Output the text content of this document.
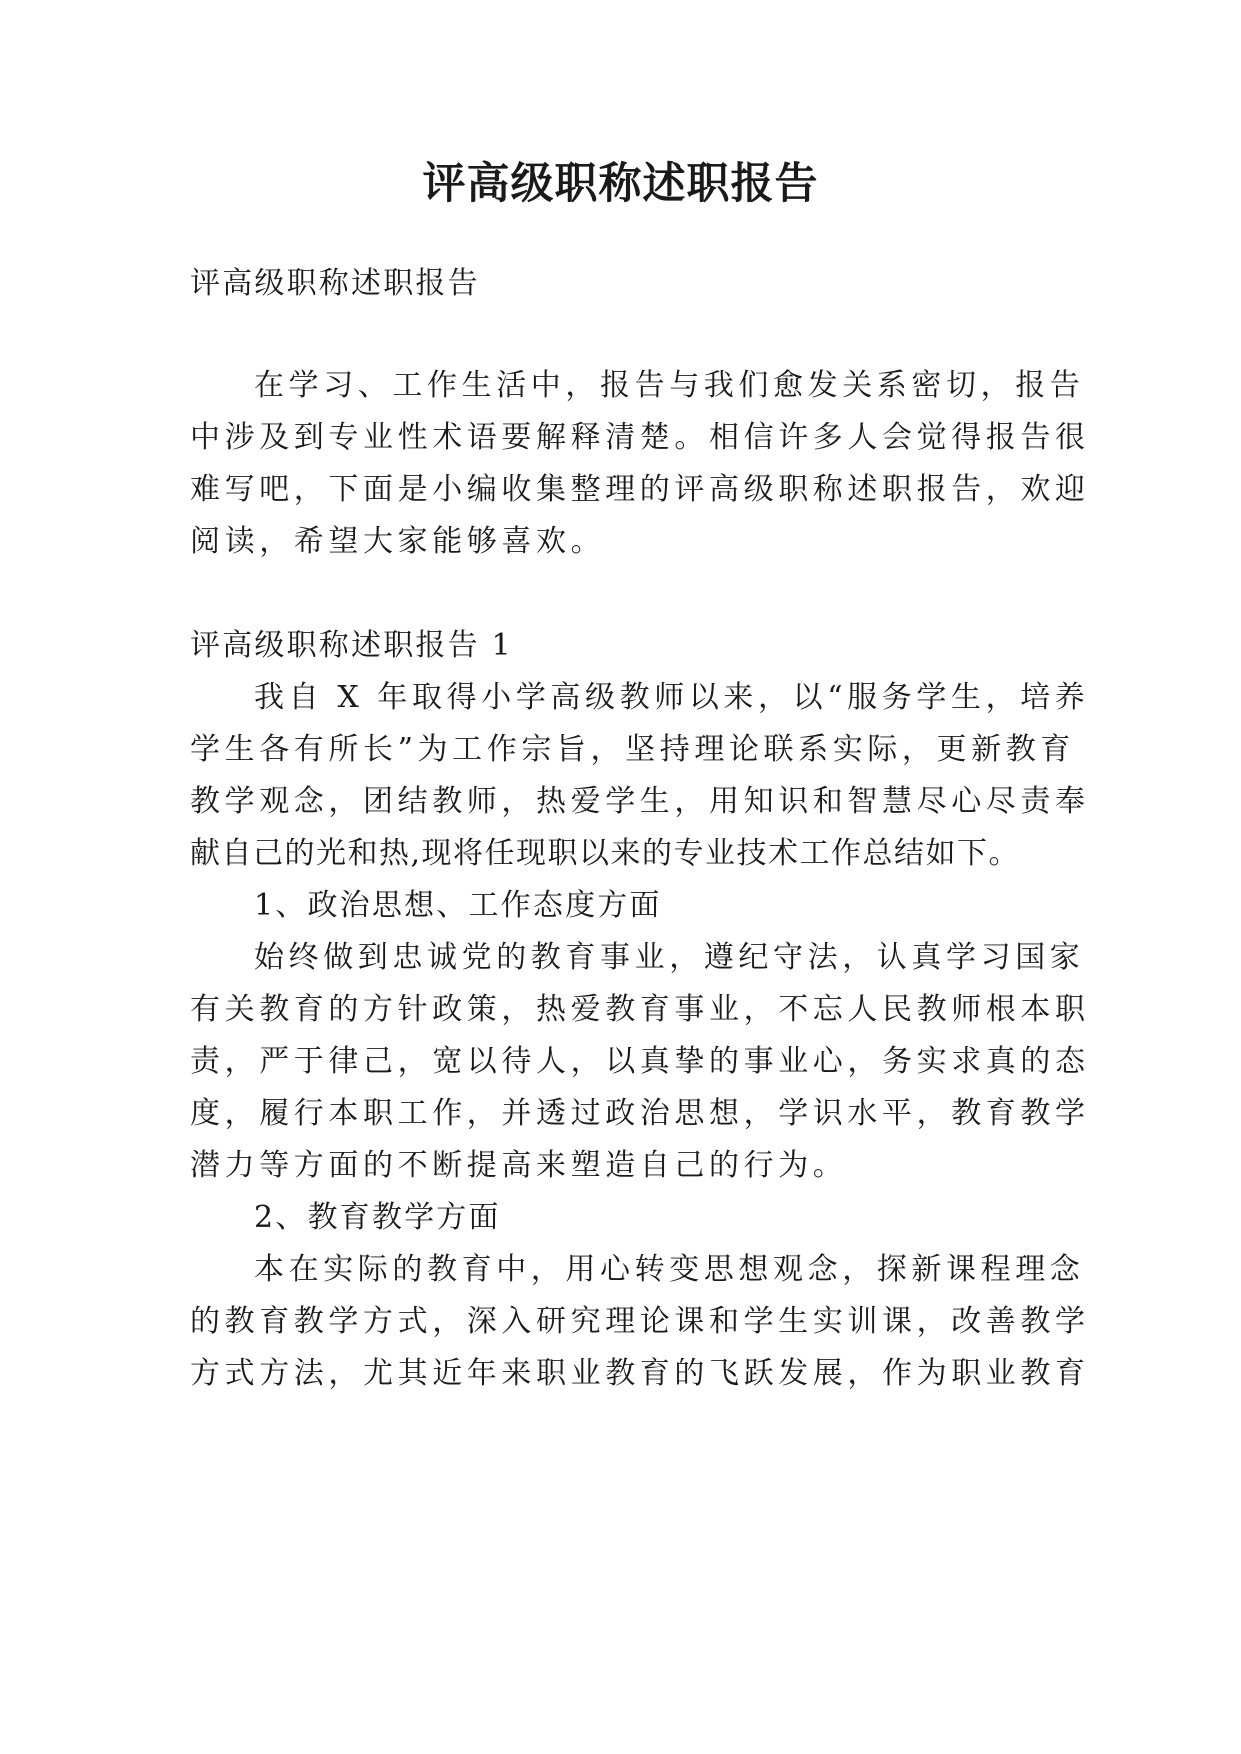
评高级职称述职报告
评高级职称述职报告
在学习、工作生活中，报告与我们愈发关系密切，报告
中涉及到专业性术语要解释清楚。相信许多人会觉得报告很
难写吧，下面是小编收集整理的评高级职称述职报告，欢迎
阅读，希望大家能够喜欢。
评高级职称述职报告 1
我自 X 年取得小学高级教师以来，以“服务学生，培养
学生各有所长”为工作宗旨，坚持理论联系实际，更新教育
教学观念，团结教师，热爱学生，用知识和智慧尽心尽责奉
献自己的光和热,现将任现职以来的专业技术工作总结如下。
1、政治思想、工作态度方面
始终做到忠诚党的教育事业，遵纪守法，认真学习国家
有关教育的方针政策，热爱教育事业，不忘人民教师根本职
责，严于律己，宽以待人，以真挚的事业心，务实求真的态
度，履行本职工作，并透过政治思想，学识水平，教育教学
潜力等方面的不断提高来塑造自己的行为。
2、教育教学方面
本在实际的教育中，用心转变思想观念，探新课程理念
的教育教学方式，深入研究理论课和学生实训课，改善教学
方式方法，尤其近年来职业教育的飞跃发展，作为职业教育
